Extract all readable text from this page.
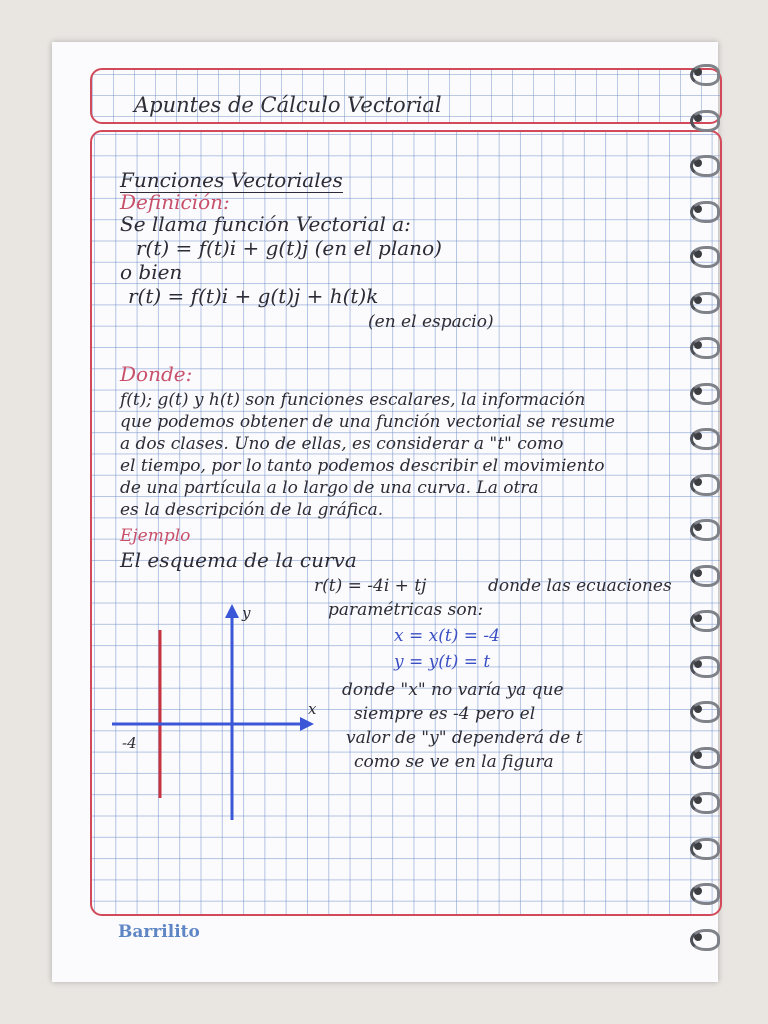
Apuntes de Cálculo Vectorial

Funciones Vectoriales

Definición:

Se llama función Vectorial a:

r(t) = f(t)i + g(t)j (en el plano)

o bien

r(t) = f(t)i + g(t)j + h(t)k

(en el espacio)

Donde:

f(t); g(t) y h(t) son funciones escalares, la información

que podemos obtener de una función vectorial se resume

a dos clases. Uno de ellas, es considerar a "t" como

el tiempo, por lo tanto podemos describir el movimiento

de una partícula a lo largo de una curva. La otra

es la descripción de la gráfica.

Ejemplo

El esquema de la curva

r(t) = -4i + tj	donde las ecuaciones

paramétricas son:

x = x(t) = -4

y = y(t) = t

donde "x" no varía ya que

siempre es -4 pero el

valor de "y" dependerá de t

como se ve en la figura

y
x
-4

Barrilito
